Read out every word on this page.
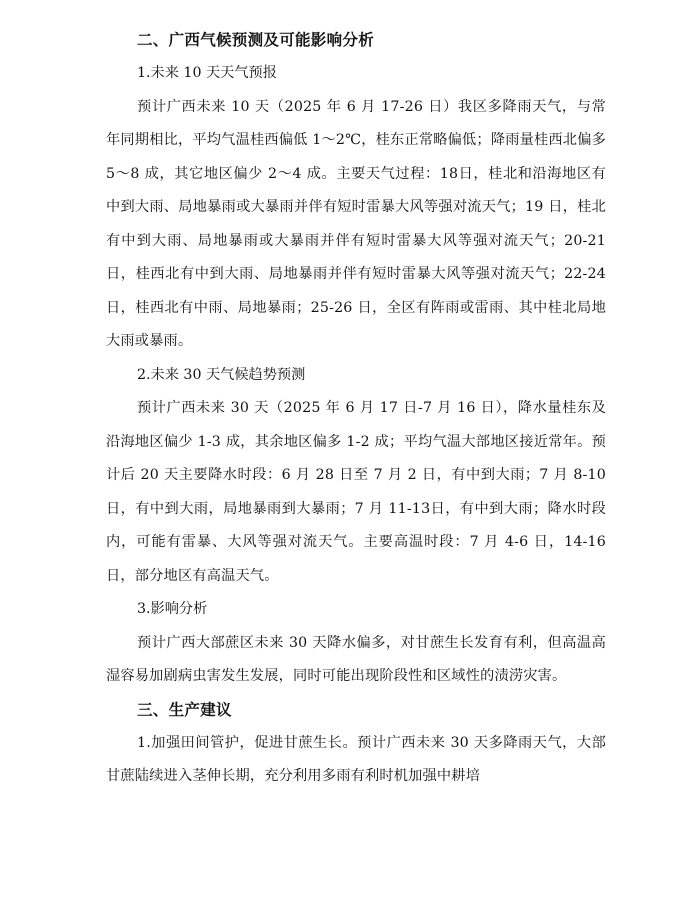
二、广西气候预测及可能影响分析
1.未来 10 天天气预报

预计广西未来 10 天（2025 年 6 月 17-26 日）我区多降雨天气，与常年同期相比，平均气温桂西偏低 1～2℃，桂东正常略偏低；降雨量桂西北偏多 5～8 成，其它地区偏少 2～4 成。主要天气过程：18日，桂北和沿海地区有中到大雨、局地暴雨或大暴雨并伴有短时雷暴大风等强对流天气；19 日，桂北有中到大雨、局地暴雨或大暴雨并伴有短时雷暴大风等强对流天气；20-21 日，桂西北有中到大雨、局地暴雨并伴有短时雷暴大风等强对流天气；22-24 日，桂西北有中雨、局地暴雨；25-26 日，全区有阵雨或雷雨、其中桂北局地大雨或暴雨。

2.未来 30 天气候趋势预测

预计广西未来 30 天（2025 年 6 月 17 日-7 月 16 日），降水量桂东及沿海地区偏少 1-3 成，其余地区偏多 1-2 成；平均气温大部地区接近常年。预计后 20 天主要降水时段：6 月 28 日至 7 月 2 日，有中到大雨；7 月 8-10 日，有中到大雨，局地暴雨到大暴雨；7 月 11-13日，有中到大雨；降水时段内，可能有雷暴、大风等强对流天气。主要高温时段：7 月 4-6 日，14-16 日，部分地区有高温天气。

3.影响分析

预计广西大部蔗区未来 30 天降水偏多，对甘蔗生长发育有利，但高温高湿容易加剧病虫害发生发展，同时可能出现阶段性和区域性的渍涝灾害。

三、生产建议

1.加强田间管护，促进甘蔗生长。预计广西未来 30 天多降雨天气，大部甘蔗陆续进入茎伸长期，充分利用多雨有利时机加强中耕培
